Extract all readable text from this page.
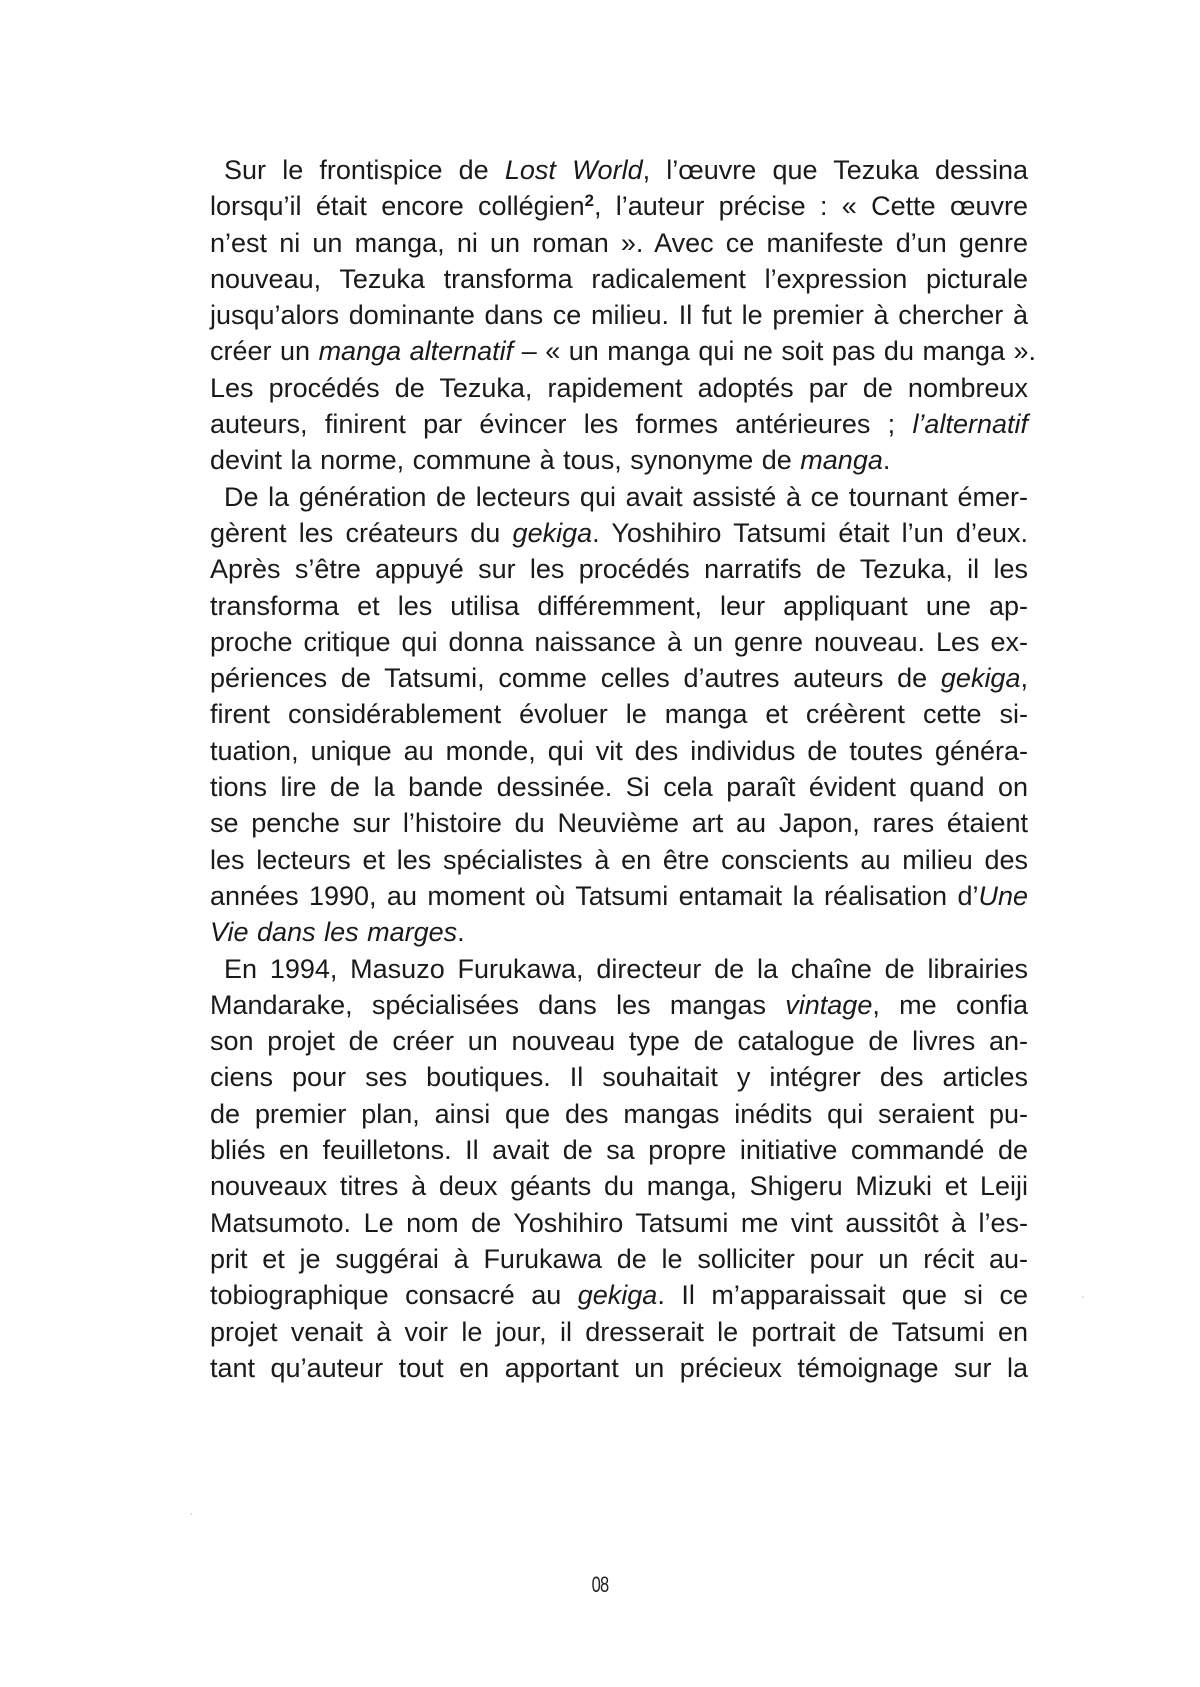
Sur le frontispice de Lost World, l’œuvre que Tezuka dessina
lorsqu’il était encore collégien$^2$, l’auteur précise : « Cette œuvre
n’est ni un manga, ni un roman ». Avec ce manifeste d’un genre
nouveau, Tezuka transforma radicalement l’expression picturale
jusqu’alors dominante dans ce milieu. Il fut le premier à chercher à
créer un manga alternatif – « un manga qui ne soit pas du manga ».
Les procédés de Tezuka, rapidement adoptés par de nombreux
auteurs, finirent par évincer les formes antérieures ; l’alternatif
devint la norme, commune à tous, synonyme de manga.
De la génération de lecteurs qui avait assisté à ce tournant émer-
gèrent les créateurs du gekiga. Yoshihiro Tatsumi était l’un d’eux.
Après s’être appuyé sur les procédés narratifs de Tezuka, il les
transforma et les utilisa différemment, leur appliquant une ap-
proche critique qui donna naissance à un genre nouveau. Les ex-
périences de Tatsumi, comme celles d’autres auteurs de gekiga,
firent considérablement évoluer le manga et créèrent cette si-
tuation, unique au monde, qui vit des individus de toutes généra-
tions lire de la bande dessinée. Si cela paraît évident quand on
se penche sur l’histoire du Neuvième art au Japon, rares étaient
les lecteurs et les spécialistes à en être conscients au milieu des
années 1990, au moment où Tatsumi entamait la réalisation d’Une
Vie dans les marges.
En 1994, Masuzo Furukawa, directeur de la chaîne de librairies
Mandarake, spécialisées dans les mangas vintage, me confia
son projet de créer un nouveau type de catalogue de livres an-
ciens pour ses boutiques. Il souhaitait y intégrer des articles
de premier plan, ainsi que des mangas inédits qui seraient pu-
bliés en feuilletons. Il avait de sa propre initiative commandé de
nouveaux titres à deux géants du manga, Shigeru Mizuki et Leiji
Matsumoto. Le nom de Yoshihiro Tatsumi me vint aussitôt à l’es-
prit et je suggérai à Furukawa de le solliciter pour un récit au-
tobiographique consacré au gekiga. Il m’apparaissait que si ce
projet venait à voir le jour, il dresserait le portrait de Tatsumi en
tant qu’auteur tout en apportant un précieux témoignage sur la
08
